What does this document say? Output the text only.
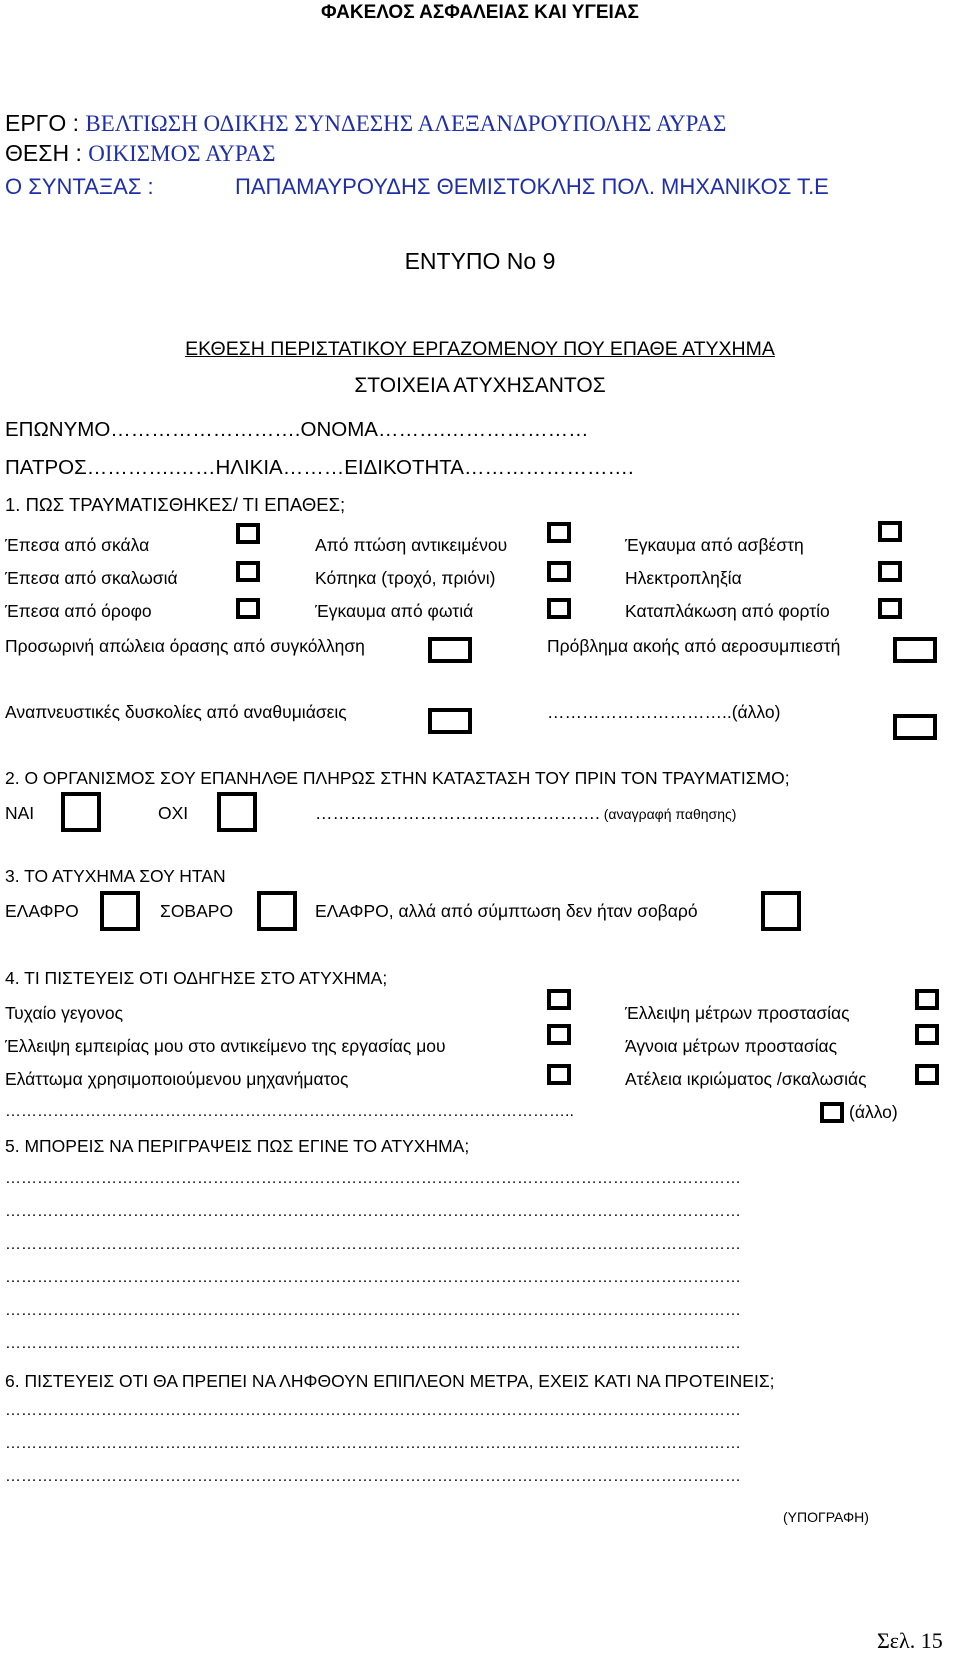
ΦΑΚΕΛΟΣ ΑΣΦΑΛΕΙΑΣ ΚΑΙ ΥΓΕΙΑΣ
ΕΡΓΟ : ΒΕΛΤΙΩΣΗ ΟΔΙΚΗΣ ΣΥΝΔΕΣΗΣ ΑΛΕΞΑΝΔΡΟΥΠΟΛΗΣ ΑΥΡΑΣ
ΘΕΣΗ : ΟΙΚΙΣΜΟΣ ΑΥΡΑΣ
Ο ΣΥΝΤΑΞΑΣ :	ΠΑΠΑΜΑΥΡΟΥΔΗΣ ΘΕΜΙΣΤΟΚΛΗΣ ΠΟΛ. ΜΗΧΑΝΙΚΟΣ Τ.Ε
ΕΝΤΥΠΟ Νο 9
ΕΚΘΕΣΗ ΠΕΡΙΣΤΑΤΙΚΟΥ ΕΡΓΑΖΟΜΕΝΟΥ ΠΟΥ ΕΠΑΘΕ ΑΤΥΧΗΜΑ
ΣΤΟΙΧΕΙΑ ΑΤΥΧΗΣΑΝΤΟΣ
ΕΠΩΝΥΜΟ……………………….ΟΝΟΜΑ……….…………………
ΠΑΤΡΟΣ………….……ΗΛΙΚΙΑ………ΕΙΔΙΚΟΤΗΤΑ…………………….
1. ΠΩΣ ΤΡΑΥΜΑΤΙΣΘΗΚΕΣ/ ΤΙ ΕΠΑΘΕΣ;
Έπεσα από σκάλα	Από πτώση αντικειμένου	Έγκαυμα από ασβέστη
Έπεσα από σκαλωσιά	Κόπηκα (τροχό, πριόνι)	Ηλεκτροπληξία
Έπεσα από όροφο	Έγκαυμα από φωτιά	Καταπλάκωση από φορτίο
Προσωρινή απώλεια όρασης από συγκόλληση	Πρόβλημα ακοής από αεροσυμπιεστή
Αναπνευστικές δυσκολίες από αναθυμιάσεις	…………………………..(άλλο)
2. Ο ΟΡΓΑΝΙΣΜΟΣ ΣΟΥ ΕΠΑΝΗΛΘΕ ΠΛΗΡΩΣ ΣΤΗΝ ΚΑΤΑΣΤΑΣΗ ΤΟΥ ΠΡΙΝ ΤΟΝ ΤΡΑΥΜΑΤΙΣΜΟ;
ΝΑΙ	ΟΧΙ	…………………………………………. (αναγραφή παθησης)
3. ΤΟ ΑΤΥΧΗΜΑ ΣΟΥ ΗΤΑΝ
ΕΛΑΦΡΟ	ΣΟΒΑΡΟ	ΕΛΑΦΡΟ, αλλά από σύμπτωση δεν ήταν σοβαρό
4. ΤΙ ΠΙΣΤΕΥΕΙΣ ΟΤΙ ΟΔΗΓΗΣΕ ΣΤΟ ΑΤΥΧΗΜΑ;
Τυχαίο γεγονος	Έλλειψη μέτρων προστασίας
Έλλειψη εμπειρίας μου στο αντικείμενο της εργασίας μου	Άγνοια μέτρων προστασίας
Ελάττωμα χρησιμοποιούμενου μηχανήματος	Ατέλεια ικριώματος /σκαλωσιάς
……………………………………………………………………………………………..	(άλλο)
5. ΜΠΟΡΕΙΣ ΝΑ ΠΕΡΙΓΡΑΨΕΙΣ ΠΩΣ ΕΓΙΝΕ ΤΟ ΑΤΥΧΗΜΑ;
…………………………………………………………………………………………………………………………
…………………………………………………………………………………………………………………………
…………………………………………………………………………………………………………………………
…………………………………………………………………………………………………………………………
…………………………………………………………………………………………………………………………
…………………………………………………………………………………………………………………………
6. ΠΙΣΤΕΥΕΙΣ ΟΤΙ ΘΑ ΠΡΕΠΕΙ ΝΑ ΛΗΦΘΟΥΝ ΕΠΙΠΛΕΟΝ ΜΕΤΡΑ, ΕΧΕΙΣ ΚΑΤΙ ΝΑ ΠΡΟΤΕΙΝΕΙΣ;
…………………………………………………………………………………………………………………………
…………………………………………………………………………………………………………………………
…………………………………………………………………………………………………………………………
(ΥΠΟΓΡΑΦΗ)
Σελ. 15
